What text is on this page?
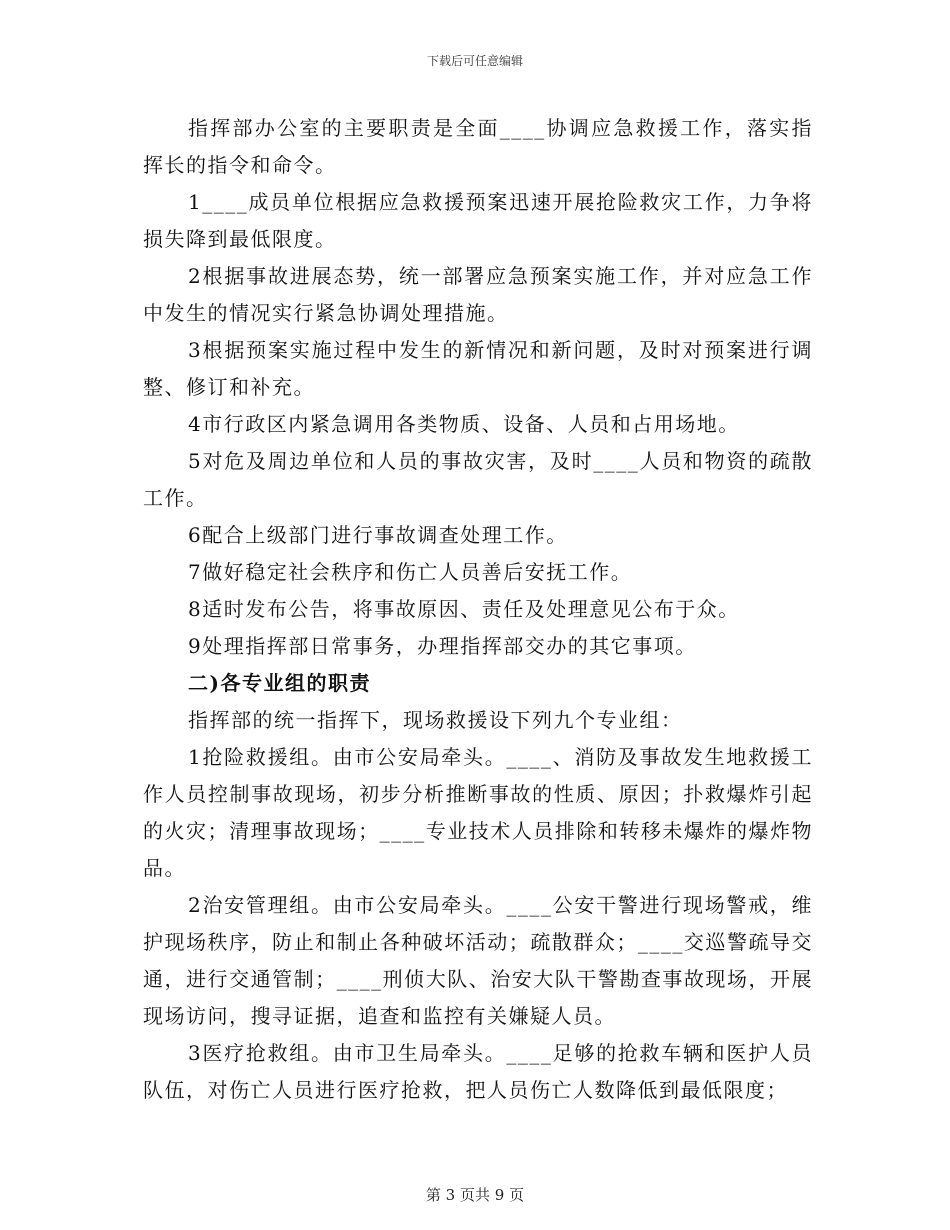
下载后可任意编辑

指挥部办公室的主要职责是全面____协调应急救援工作，落实指挥长的指令和命令。

1____成员单位根据应急救援预案迅速开展抢险救灾工作，力争将损失降到最低限度。

2根据事故进展态势，统一部署应急预案实施工作，并对应急工作中发生的情况实行紧急协调处理措施。

3根据预案实施过程中发生的新情况和新问题，及时对预案进行调整、修订和补充。

4市行政区内紧急调用各类物质、设备、人员和占用场地。

5对危及周边单位和人员的事故灾害，及时____人员和物资的疏散工作。

6配合上级部门进行事故调查处理工作。

7做好稳定社会秩序和伤亡人员善后安抚工作。

8适时发布公告，将事故原因、责任及处理意见公布于众。

9处理指挥部日常事务，办理指挥部交办的其它事项。

二)各专业组的职责

指挥部的统一指挥下，现场救援设下列九个专业组：

1抢险救援组。由市公安局牵头。____、消防及事故发生地救援工作人员控制事故现场，初步分析推断事故的性质、原因；扑救爆炸引起的火灾；清理事故现场；____专业技术人员排除和转移未爆炸的爆炸物品。

2治安管理组。由市公安局牵头。____公安干警进行现场警戒，维护现场秩序，防止和制止各种破坏活动；疏散群众；____交巡警疏导交通，进行交通管制；____刑侦大队、治安大队干警勘查事故现场，开展现场访问，搜寻证据，追查和监控有关嫌疑人员。

3医疗抢救组。由市卫生局牵头。____足够的抢救车辆和医护人员队伍，对伤亡人员进行医疗抢救，把人员伤亡人数降低到最低限度；

第 3 页共 9 页
